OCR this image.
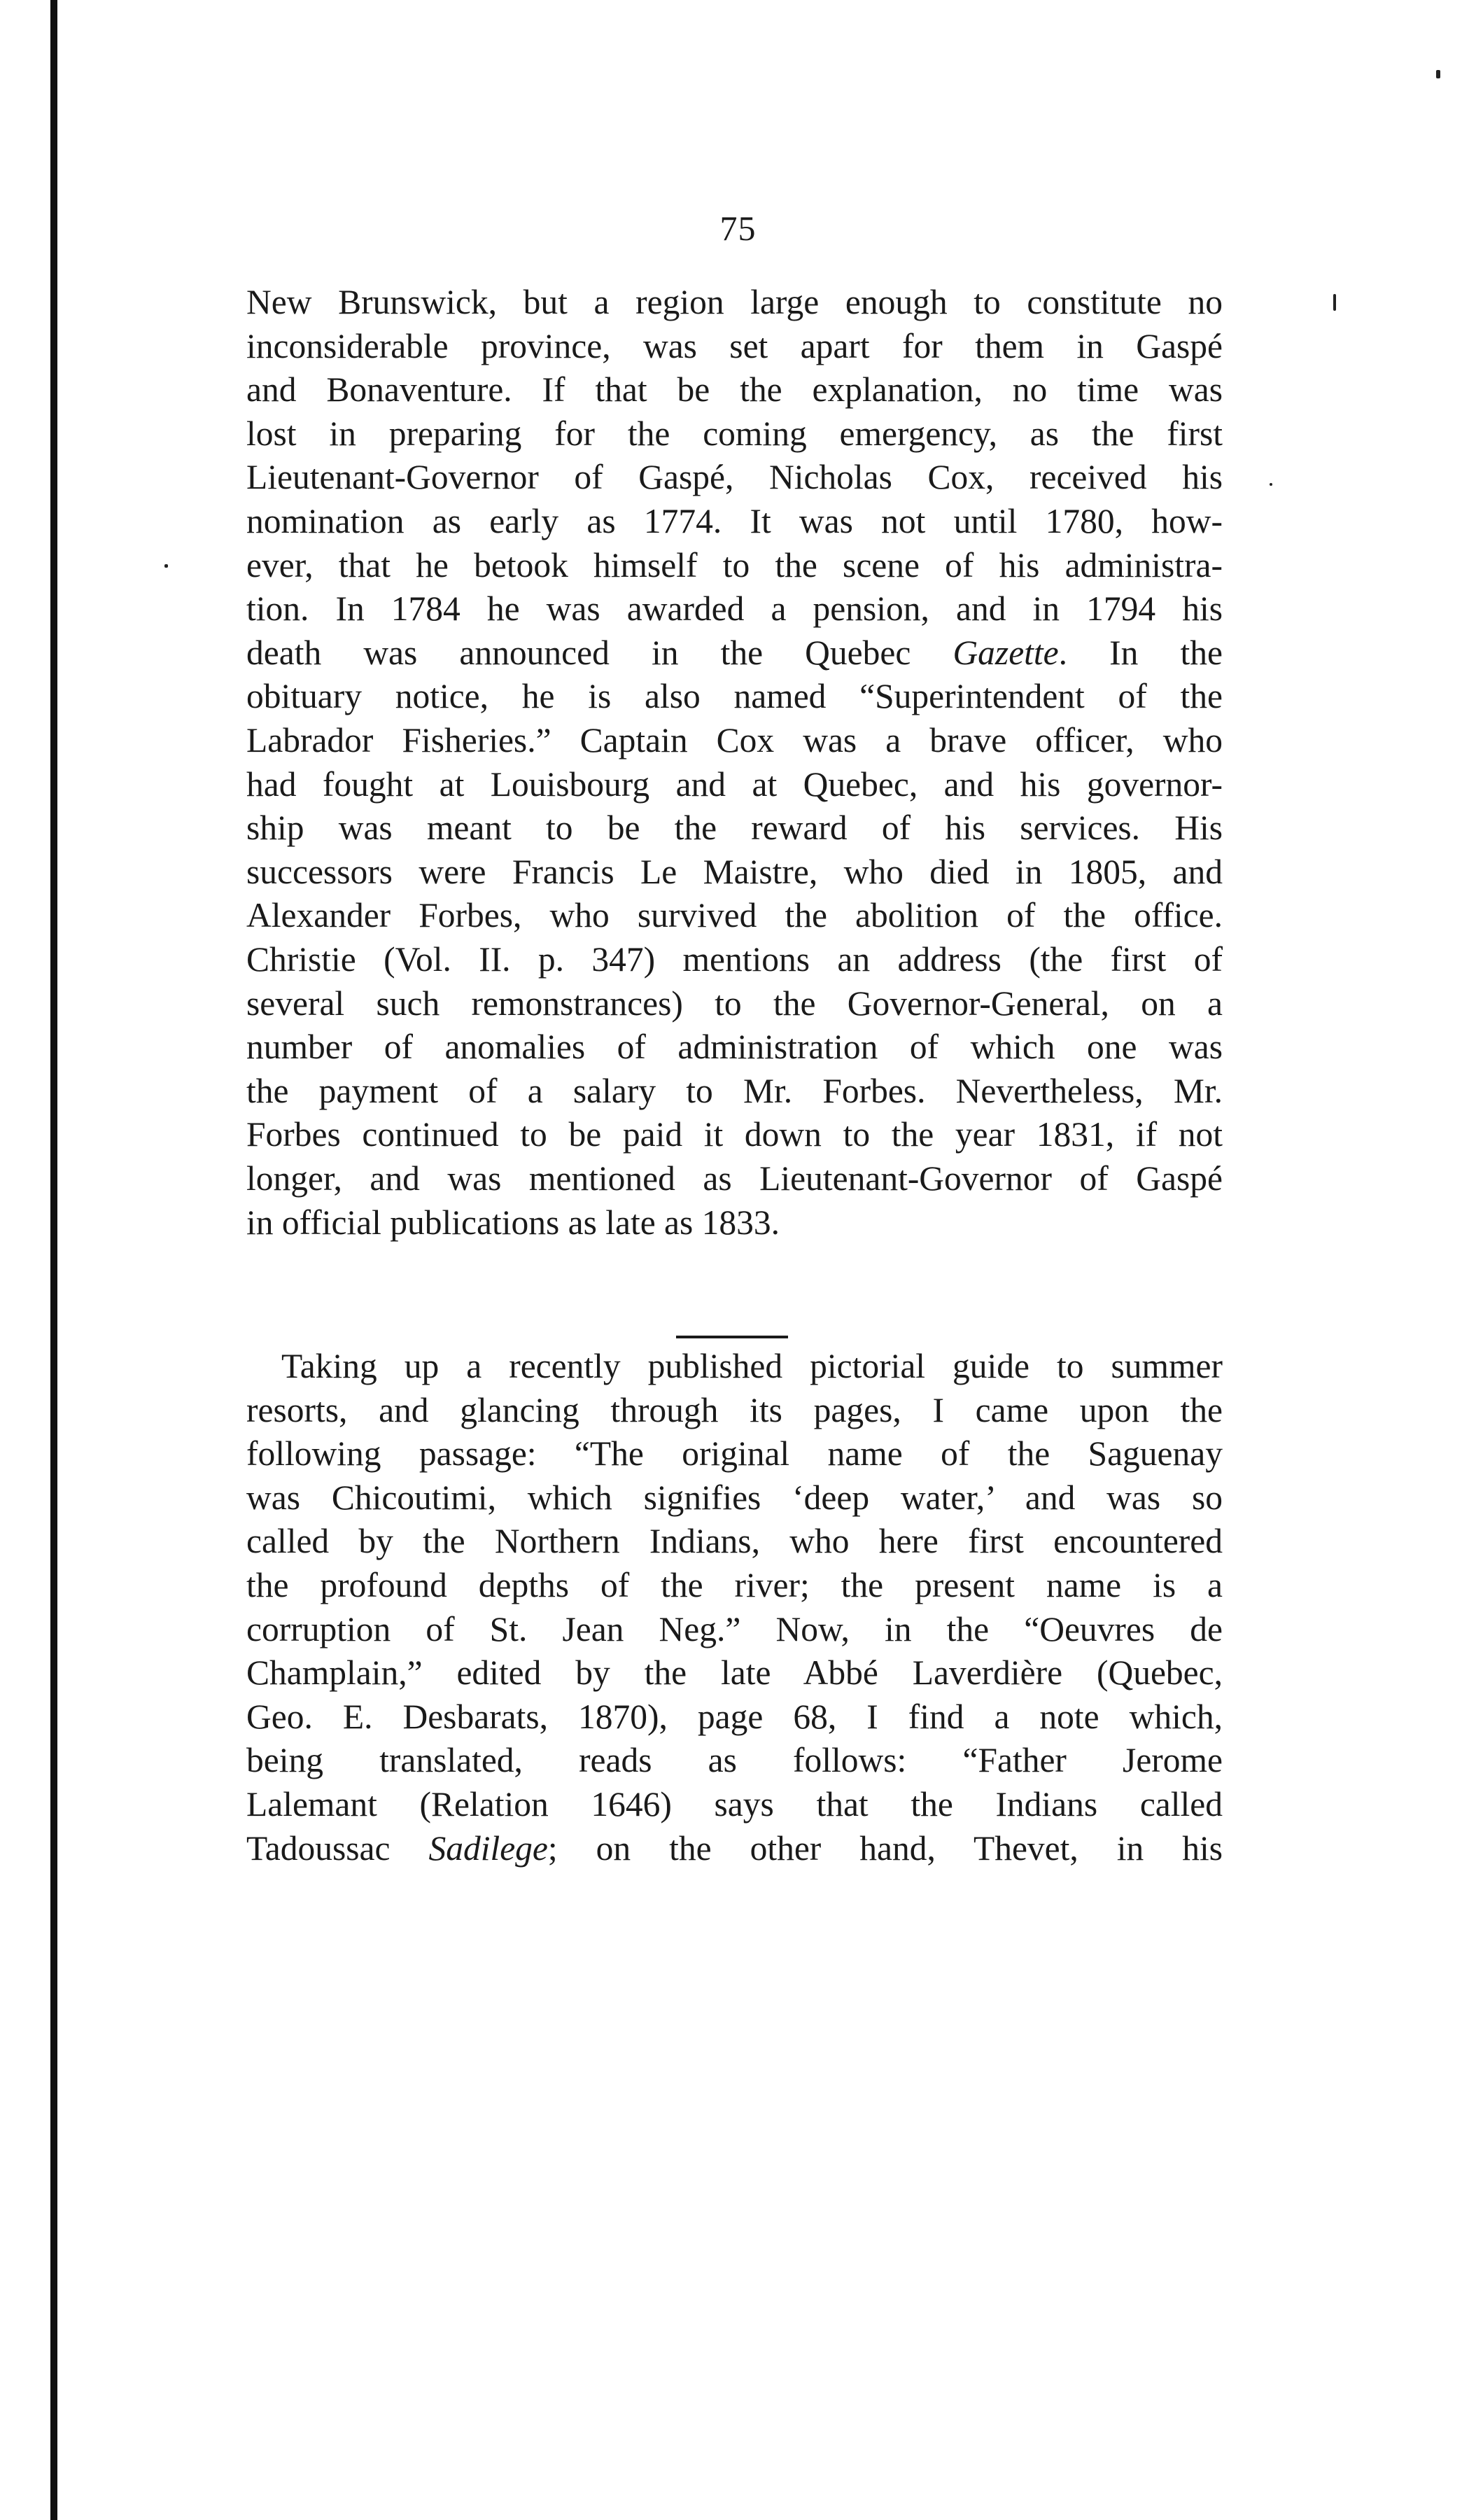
75
New Brunswick, but a region large enough to constitute no
inconsiderable province, was set apart for them in Gaspé
and Bonaventure. If that be the explanation, no time was
lost in preparing for the coming emergency, as the first
Lieutenant-Governor of Gaspé, Nicholas Cox, received his
nomination as early as 1774. It was not until 1780, how-
ever, that he betook himself to the scene of his administra-
tion. In 1784 he was awarded a pension, and in 1794 his
death was announced in the Quebec Gazette. In the
obituary notice, he is also named “Superintendent of the
Labrador Fisheries.” Captain Cox was a brave officer, who
had fought at Louisbourg and at Quebec, and his governor-
ship was meant to be the reward of his services. His
successors were Francis Le Maistre, who died in 1805, and
Alexander Forbes, who survived the abolition of the office.
Christie (Vol. II. p. 347) mentions an address (the first of
several such remonstrances) to the Governor-General, on a
number of anomalies of administration of which one was
the payment of a salary to Mr. Forbes. Nevertheless, Mr.
Forbes continued to be paid it down to the year 1831, if not
longer, and was mentioned as Lieutenant-Governor of Gaspé
in official publications as late as 1833.
Taking up a recently published pictorial guide to summer
resorts, and glancing through its pages, I came upon the
following passage: “The original name of the Saguenay
was Chicoutimi, which signifies ‘deep water,’ and was so
called by the Northern Indians, who here first encountered
the profound depths of the river; the present name is a
corruption of St. Jean Neg.” Now, in the “Oeuvres de
Champlain,” edited by the late Abbé Laverdière (Quebec,
Geo. E. Desbarats, 1870), page 68, I find a note which,
being translated, reads as follows: “Father Jerome
Lalemant (Relation 1646) says that the Indians called
Tadoussac Sadilege; on the other hand, Thevet, in his
